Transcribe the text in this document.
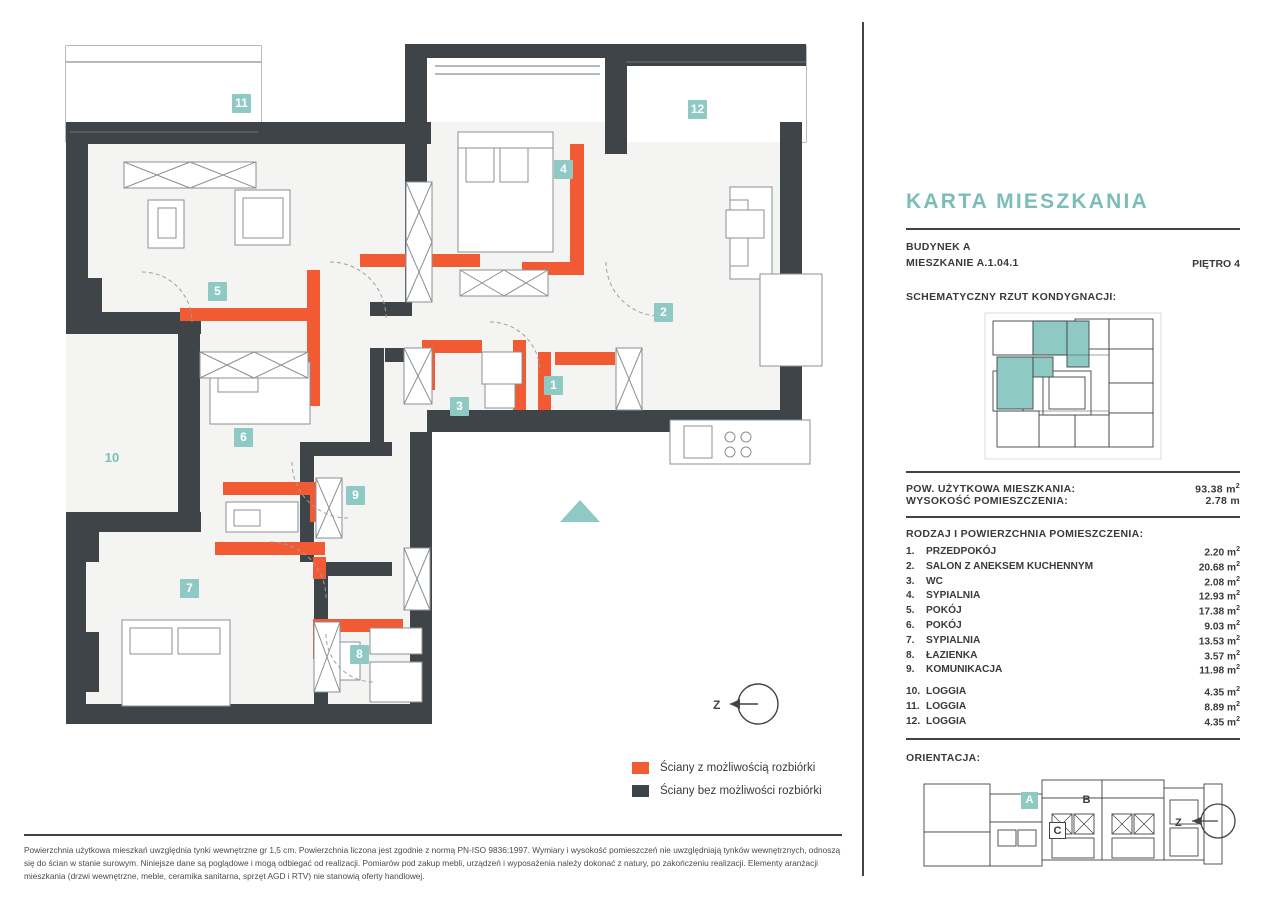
11	12
4
5
2
6
10
3
1
9
7
8
Z
Ściany z możliwością rozbiórki
Ściany bez możliwości rozbiórki
Powierzchnia użytkowa mieszkań uwzględnia tynki wewnętrzne gr 1,5 cm. Powierzchnia liczona jest zgodnie z normą PN-ISO 9836:1997. Wymiary i wysokość pomieszczeń nie uwzględniają tynków wewnętrznych, odnoszą się do ścian w stanie surowym. Niniejsze dane są poglądowe i mogą odbiegać od realizacji. Pomiarów pod zakup mebli, urządzeń i wyposażenia należy dokonać z natury, po zakończeniu realizacji. Elementy aranżacji mieszkania (drzwi wewnętrzne, meble, ceramika sanitarna, sprzęt AGD i RTV) nie stanowią oferty handlowej.
KARTA MIESZKANIA
BUDYNEK A
MIESZKANIE A.1.04.1	PIĘTRO 4
SCHEMATYCZNY RZUT KONDYGNACJI:
POW. UŻYTKOWA MIESZKANIA:	93.38 $m^2$
WYSOKOŚĆ POMIESZCZENIA:	2.78 m
RODZAJ I POWIERZCHNIA POMIESZCZENIA:
1.	PRZEDPOKÓJ	2.20 $m^2$
2.	SALON Z ANEKSEM KUCHENNYM	20.68 $m^2$
3.	WC	2.08 $m^2$
4.	SYPIALNIA	12.93 $m^2$
5.	POKÓJ	17.38 $m^2$
6.	POKÓJ	9.03 $m^2$
7.	SYPIALNIA	13.53 $m^2$
8.	ŁAZIENKA	3.57 $m^2$
9.	KOMUNIKACJA	11.98 $m^2$
10. LOGGIA	4.35 $m^2$
11. LOGGIA	8.89 $m^2$
12. LOGGIA	4.35 $m^2$
ORIENTACJA:
A	B
C
Z
